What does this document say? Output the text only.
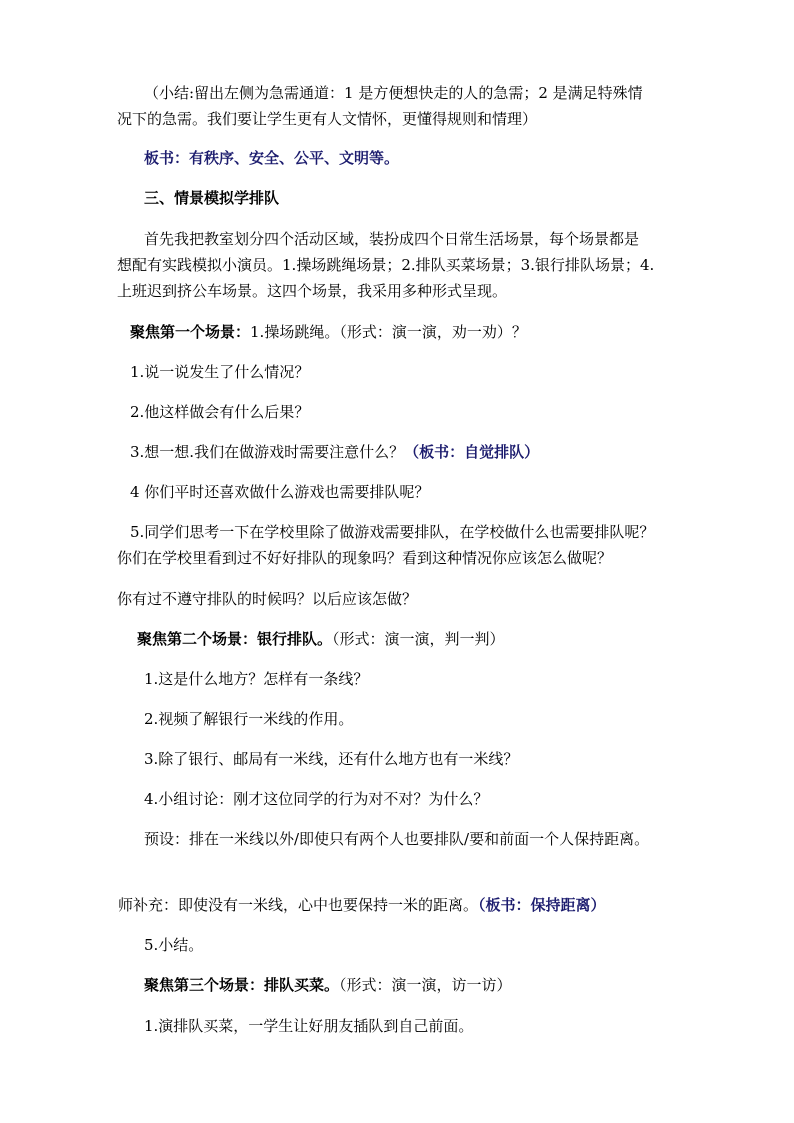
（小结:留出左侧为急需通道：1 是方便想快走的人的急需；2 是满足特殊情
况下的急需。我们要让学生更有人文情怀，更懂得规则和情理）
板书：有秩序、安全、公平、文明等。
三、情景模拟学排队
首先我把教室划分四个活动区域，装扮成四个日常生活场景，每个场景都是
想配有实践模拟小演员。1.操场跳绳场景；2.排队买菜场景；3.银行排队场景；4.
上班迟到挤公车场景。这四个场景，我采用多种形式呈现。
聚焦第一个场景：1.操场跳绳。（形式：演一演，劝一劝）？
1.说一说发生了什么情况？
2.他这样做会有什么后果？
3.想一想.我们在做游戏时需要注意什么？（板书：自觉排队）
4 你们平时还喜欢做什么游戏也需要排队呢？
5.同学们思考一下在学校里除了做游戏需要排队，在学校做什么也需要排队呢？
你们在学校里看到过不好好排队的现象吗？看到这种情况你应该怎么做呢？
你有过不遵守排队的时候吗？以后应该怎做？
聚焦第二个场景：银行排队。（形式：演一演，判一判）
1.这是什么地方？怎样有一条线？
2.视频了解银行一米线的作用。
3.除了银行、邮局有一米线，还有什么地方也有一米线？
4.小组讨论：刚才这位同学的行为对不对？为什么？
预设：排在一米线以外/即使只有两个人也要排队/要和前面一个人保持距离。
师补充：即使没有一米线，心中也要保持一米的距离。（板书：保持距离）
5.小结。
聚焦第三个场景：排队买菜。（形式：演一演，访一访）
1.演排队买菜，一学生让好朋友插队到自己前面。
